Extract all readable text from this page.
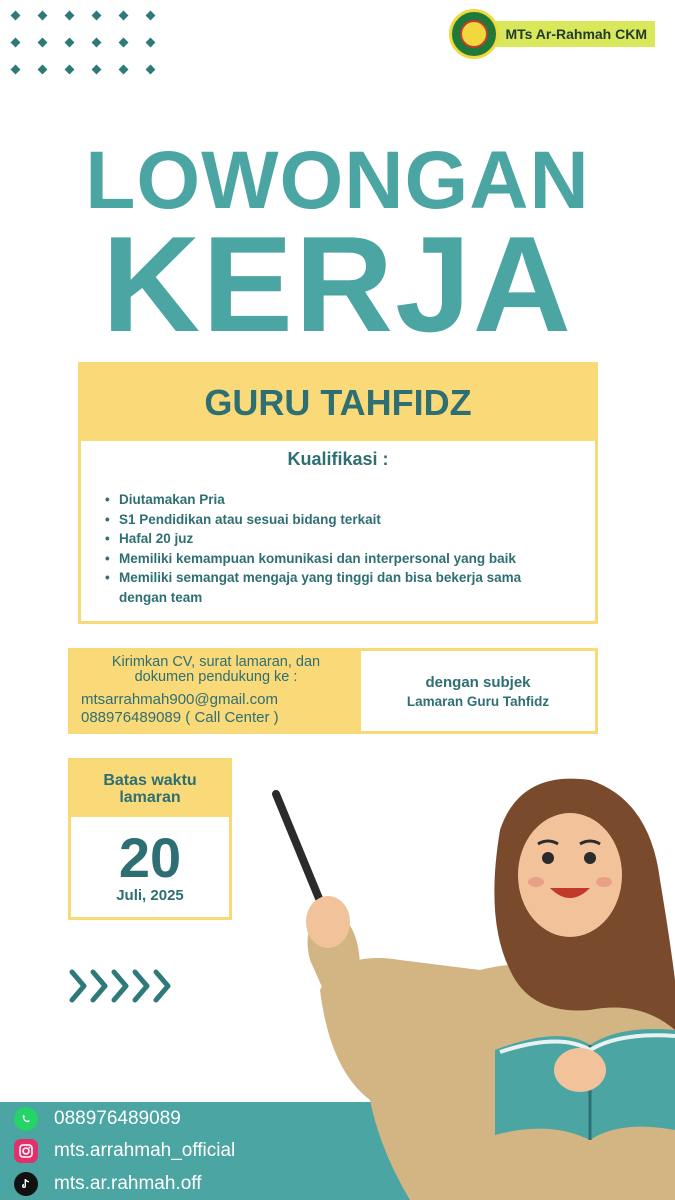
MTs Ar-Rahmah CKM
LOWONGAN
KERJA
GURU TAHFIDZ
Kualifikasi :
• Diutamakan Pria
• S1 Pendidikan atau sesuai bidang terkait
• Hafal 20 juz
• Memiliki kemampuan komunikasi dan interpersonal yang baik
• Memiliki semangat mengaja yang tinggi dan bisa bekerja sama
dengan team
Kirimkan CV, surat lamaran, dan
dokumen pendukung ke :
mtsarrahmah900@gmail.com
088976489089 ( Call Center )
dengan subjek
Lamaran Guru Tahfidz
Batas waktu
lamaran
20
Juli, 2025
088976489089
mts.arrahmah_official
mts.ar.rahmah.off
